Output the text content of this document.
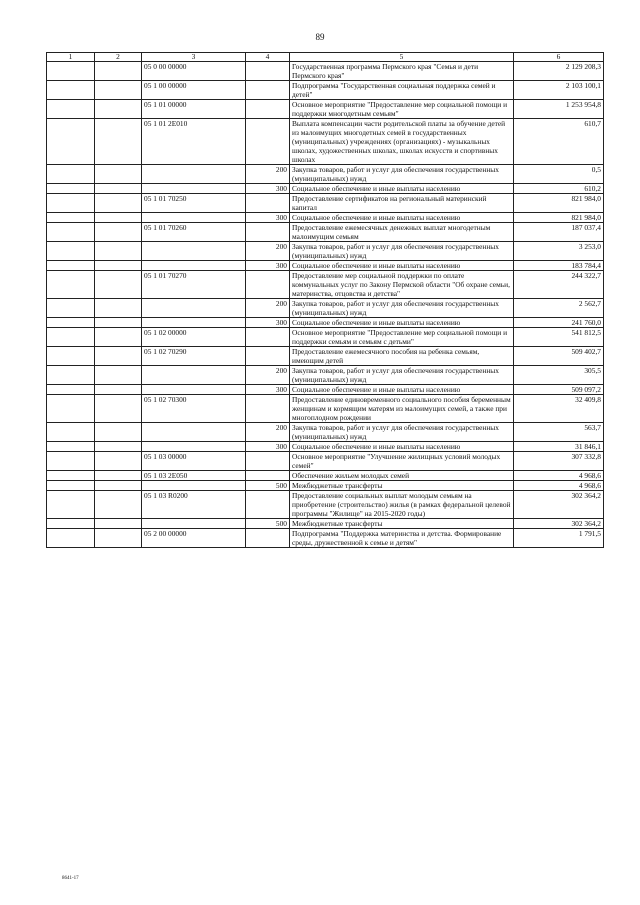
89
1	2	3	4	5	6
		05 0 00 00000		Государственная программа Пермского края "Семья и дети Пермского края"	2 129 208,3
		05 1 00 00000		Подпрограмма "Государственная социальная поддержка семей и детей"	2 103 100,1
		05 1 01 00000		Основное мероприятие "Предоставление мер социальной помощи и поддержки многодетным семьям"	1 253 954,8
		05 1 01 2Е010		Выплата компенсации части родительской платы за обучение детей из малоимущих многодетных семей в государственных (муниципальных) учреждениях (организациях) - музыкальных школах, художественных школах, школах искусств и спортивных школах	610,7
			200	Закупка товаров, работ и услуг для обеспечения государственных (муниципальных) нужд	0,5
			300	Социальное обеспечение и иные выплаты населению	610,2
		05 1 01 70250		Предоставление сертификатов на региональный материнский капитал	821 984,0
			300	Социальное обеспечение и иные выплаты населению	821 984,0
		05 1 01 70260		Предоставление ежемесячных денежных выплат многодетным малоимущим семьям	187 037,4
			200	Закупка товаров, работ и услуг для обеспечения государственных (муниципальных) нужд	3 253,0
			300	Социальное обеспечение и иные выплаты населению	183 784,4
		05 1 01 70270		Предоставление мер социальной поддержки по оплате коммунальных услуг по Закону Пермской области "Об охране семьи, материнства, отцовства и детства"	244 322,7
			200	Закупка товаров, работ и услуг для обеспечения государственных (муниципальных) нужд	2 562,7
			300	Социальное обеспечение и иные выплаты населению	241 760,0
		05 1 02 00000		Основное мероприятие "Предоставление мер социальной помощи и поддержки семьям и семьям с детьми"	541 812,5
		05 1 02 70290		Предоставление ежемесячного пособия на ребенка семьям, имеющим детей	509 402,7
			200	Закупка товаров, работ и услуг для обеспечения государственных (муниципальных) нужд	305,5
			300	Социальное обеспечение и иные выплаты населению	509 097,2
		05 1 02 70300		Предоставление единовременного социального пособия беременным женщинам и кормящим матерям из малоимущих семей, а также при многоплодном рождении	32 409,8
			200	Закупка товаров, работ и услуг для обеспечения государственных (муниципальных) нужд	563,7
			300	Социальное обеспечение и иные выплаты населению	31 846,1
		05 1 03 00000		Основное мероприятие "Улучшение жилищных условий молодых семей"	307 332,8
		05 1 03 2Е050		Обеспечение жильем молодых семей	4 968,6
			500	Межбюджетные трансферты	4 968,6
		05 1 03 R0200		Предоставление социальных выплат молодым семьям на приобретение (строительство) жилья (в рамках федеральной целевой программы "Жилище" на 2015-2020 годы)	302 364,2
			500	Межбюджетные трансферты	302 364,2
		05 2 00 00000		Подпрограмма "Поддержка материнства и детства. Формирование среды, дружественной к семье и детям"	1 791,5
8641-17
